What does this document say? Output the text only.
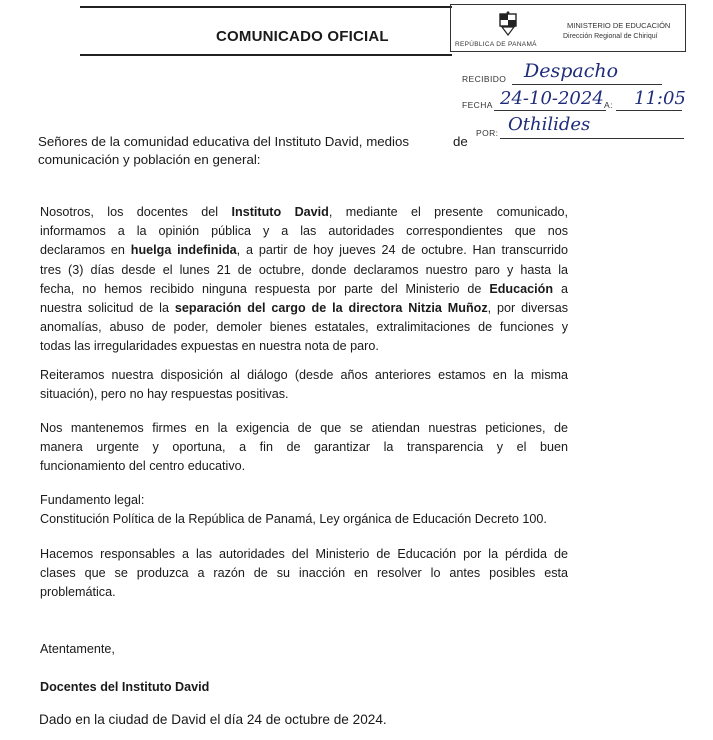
COMUNICADO OFICIAL	REPÚBLICA DE PANAMÁ
MINISTERIO DE EDUCACIÓN
Dirección Regional de Chiriquí
RECIBIDO Despacho
FECHA 24-10-2024 A: 11:05
POR: Othilides

Señores de la comunidad educativa del Instituto David, medios
comunicación y población en general:

de

Nosotros, los docentes del Instituto David, mediante el presente comunicado,
informamos a la opinión pública y a las autoridades correspondientes que nos
declaramos en huelga indefinida, a partir de hoy jueves 24 de octubre. Han transcurrido
tres (3) días desde el lunes 21 de octubre, donde declaramos nuestro paro y hasta la
fecha, no hemos recibido ninguna respuesta por parte del Ministerio de Educación a
nuestra solicitud de la separación del cargo de la directora Nitzia Muñoz, por diversas
anomalías, abuso de poder, demoler bienes estatales, extralimitaciones de funciones y
todas las irregularidades expuestas en nuestra nota de paro.

Reiteramos nuestra disposición al diálogo (desde años anteriores estamos en la misma
situación), pero no hay respuestas positivas.

Nos mantenemos firmes en la exigencia de que se atiendan nuestras peticiones, de
manera urgente y oportuna, a fin de garantizar la transparencia y el buen
funcionamiento del centro educativo.

Fundamento legal:
Constitución Política de la República de Panamá, Ley orgánica de Educación Decreto 100.

Hacemos responsables a las autoridades del Ministerio de Educación por la pérdida de
clases que se produzca a razón de su inacción en resolver lo antes posibles esta
problemática.

Atentamente,

Docentes del Instituto David

Dado en la ciudad de David el día 24 de octubre de 2024.
